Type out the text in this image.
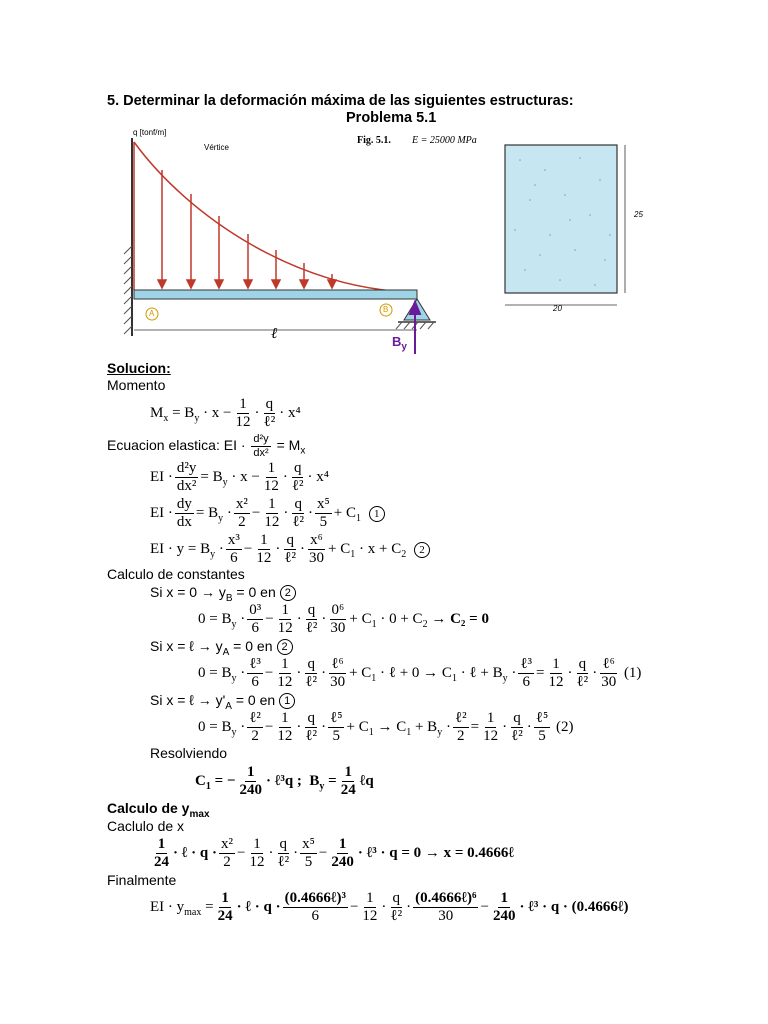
5. Determinar la deformación máxima de las siguientes estructuras:
Problema 5.1
q [tonf/m]
Vértice
A	B
ℓ	$B_y$
Fig. 5.1. E = 25000 MPa
25
20
Solucion:
Momento
$M_x = B_y \cdot x - \frac{1}{12} \cdot \frac{q}{\text{ℓ²}} \cdot x^4$
Ecuacion elastica: EI · $\frac{\text{d²y}}{\text{dx²}} = M_x$
EI · $\frac{\text{d²y}}{\text{dx²}} = B_y \cdot x - \frac{1}{12} \cdot \frac{q}{\text{ℓ²}} \cdot x^4$
EI · $\frac{dy}{dx} = B_y \cdot \frac{\text{x²}}{2} - \frac{1}{12} \cdot \frac{q}{\text{ℓ²}} \cdot \frac{\text{x⁵}}{5} + C_1$ 1
EI · $y = B_y \cdot \frac{\text{x³}}{6} - \frac{1}{12} \cdot \frac{q}{\text{ℓ²}} \cdot \frac{\text{x⁶}}{30} + C_1 \cdot x + C_2$ 2
Calculo de constantes
Si $x = 0 \to y_B = 0$ en 2
$0 = B_y \cdot \frac{\text{0³}}{6} - \frac{1}{12} \cdot \frac{q}{\text{ℓ²}} \cdot \frac{\text{0⁶}}{30} + C_1 \cdot 0 + C_2 \to C_2 = 0$
Si x = ℓ → $y_A = 0$ en 2
$0 = B_y \cdot \frac{\text{ℓ³}}{6} - \frac{1}{12} \cdot \frac{q}{\text{ℓ²}} \cdot \frac{\text{ℓ⁶}}{30} + C_1$ · ℓ + $0 \to C_1$ · ℓ + $B_y \cdot \frac{\text{ℓ³}}{6} = \frac{1}{12} \cdot \frac{q}{\text{ℓ²}} \cdot \frac{\text{ℓ⁶}}{30} (1)$
Si x = ℓ → $y'_A = 0$ en 1
$0 = B_y \cdot \frac{\text{ℓ²}}{2} - \frac{1}{12} \cdot \frac{q}{\text{ℓ²}} \cdot \frac{\text{ℓ⁵}}{5} + C_1 \to C_1 + B_y \cdot \frac{\text{ℓ²}}{2} = \frac{1}{12} \cdot \frac{q}{\text{ℓ²}} \cdot \frac{\text{ℓ⁵}}{5} (2)$
Resolviendo
$C_1$ = − $\frac{1}{240}$ · ℓ³q ;  $B_y = \frac{1}{24}$ ℓq
Calculo de $y_{max}$
Caclulo de x
$\frac{1}{24}$ · ℓ · $q \cdot \frac{\text{x²}}{2} - \frac{1}{12} \cdot \frac{q}{\text{ℓ²}} \cdot \frac{\text{x⁵}}{5} - \frac{1}{240}$ · ℓ³ · q = 0 → x = 0.4666ℓ
Finalmente
EI · $y_{max} = \frac{1}{24}$ · ℓ · $q \cdot \frac{\text{(0.4666ℓ)³}}{6} - \frac{1}{12} \cdot \frac{q}{\text{ℓ²}} \cdot \frac{\text{(0.4666ℓ)⁶}}{30} - \frac{1}{240}$ · ℓ³ · q · (0.4666ℓ)
